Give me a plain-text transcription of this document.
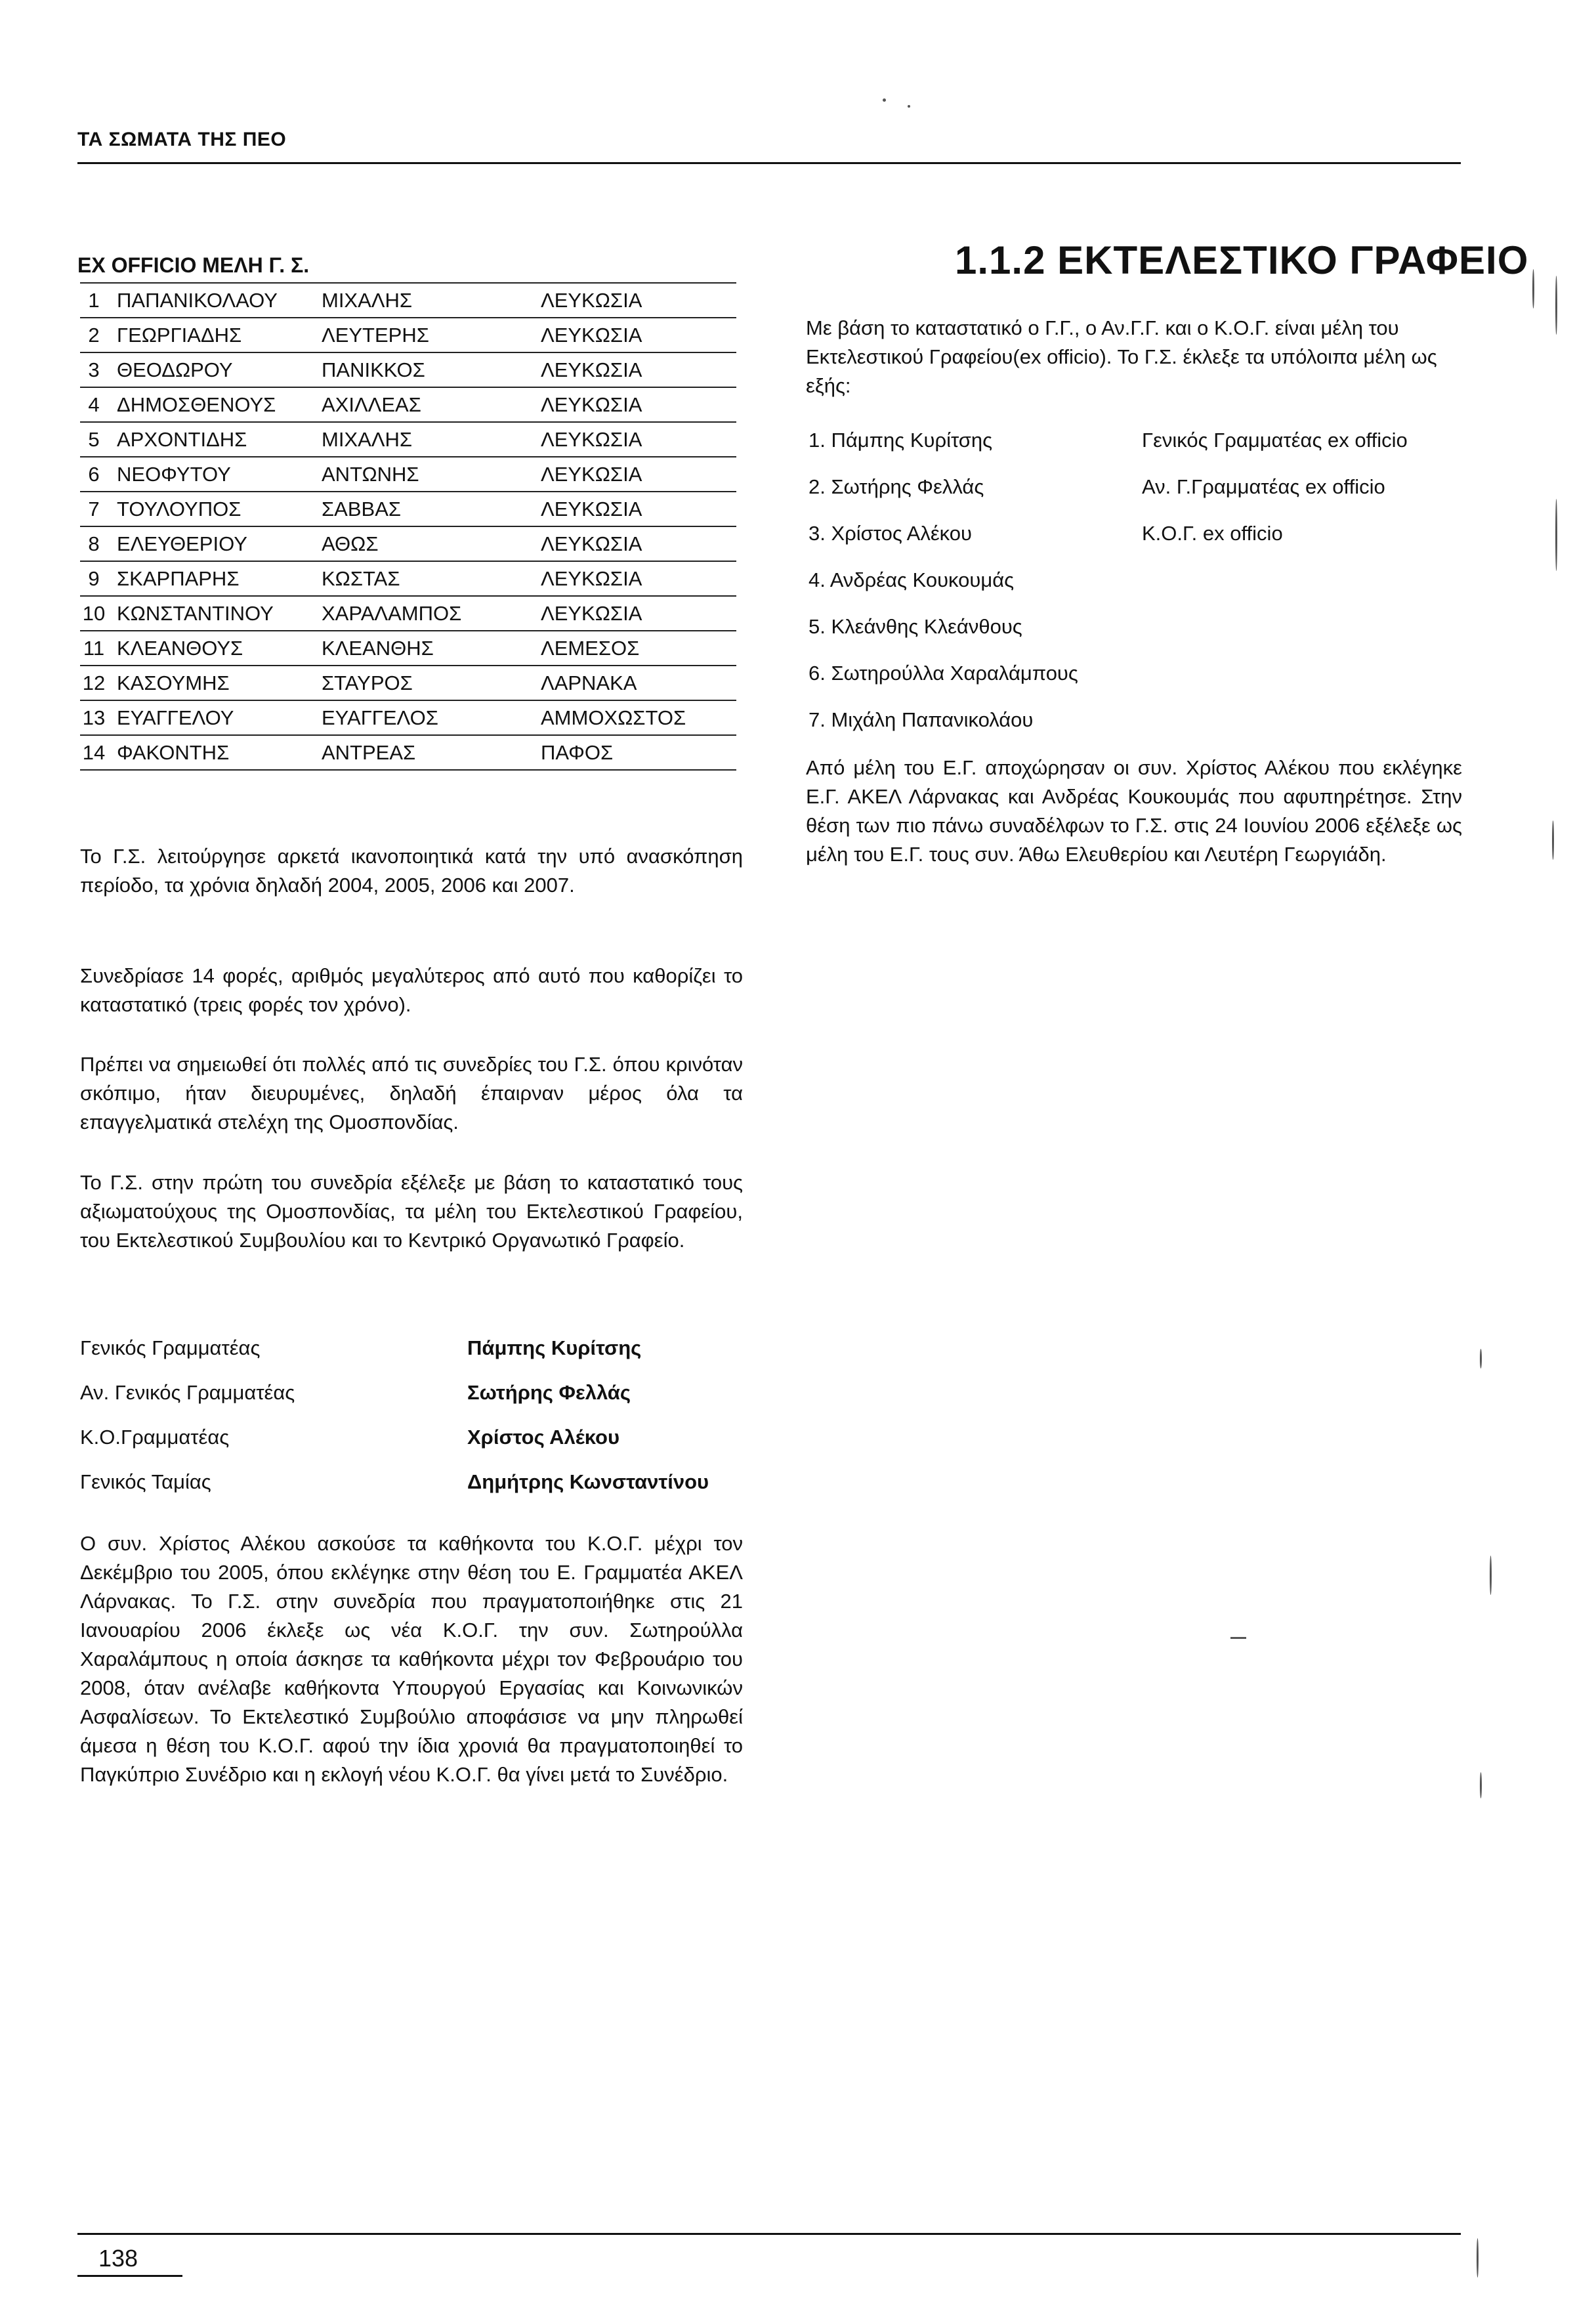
ΤΑ ΣΩΜΑΤΑ ΤΗΣ ΠΕΟ
EX OFFICIO ΜΕΛΗ Γ. Σ.
1	ΠΑΠΑΝΙΚΟΛΑΟΥ	ΜΙΧΑΛΗΣ	ΛΕΥΚΩΣΙΑ
2	ΓΕΩΡΓΙΑΔΗΣ	ΛΕΥΤΕΡΗΣ	ΛΕΥΚΩΣΙΑ
3	ΘΕΟΔΩΡΟΥ	ΠΑΝΙΚΚΟΣ	ΛΕΥΚΩΣΙΑ
4	ΔΗΜΟΣΘΕΝΟΥΣ	ΑΧΙΛΛΕΑΣ	ΛΕΥΚΩΣΙΑ
5	ΑΡΧΟΝΤΙΔΗΣ	ΜΙΧΑΛΗΣ	ΛΕΥΚΩΣΙΑ
6	ΝΕΟΦΥΤΟΥ	ΑΝΤΩΝΗΣ	ΛΕΥΚΩΣΙΑ
7	ΤΟΥΛΟΥΠΟΣ	ΣΑΒΒΑΣ	ΛΕΥΚΩΣΙΑ
8	ΕΛΕΥΘΕΡΙΟΥ	ΑΘΩΣ	ΛΕΥΚΩΣΙΑ
9	ΣΚΑΡΠΑΡΗΣ	ΚΩΣΤΑΣ	ΛΕΥΚΩΣΙΑ
10	ΚΩΝΣΤΑΝΤΙΝΟΥ	ΧΑΡΑΛΑΜΠΟΣ	ΛΕΥΚΩΣΙΑ
11	ΚΛΕΑΝΘΟΥΣ	ΚΛΕΑΝΘΗΣ	ΛΕΜΕΣΟΣ
12	ΚΑΣΟΥΜΗΣ	ΣΤΑΥΡΟΣ	ΛΑΡΝΑΚΑ
13	ΕΥΑΓΓΕΛΟΥ	ΕΥΑΓΓΕΛΟΣ	ΑΜΜΟΧΩΣΤΟΣ
14	ΦΑΚΟΝΤΗΣ	ΑΝΤΡΕΑΣ	ΠΑΦΟΣ

Το Γ.Σ. λειτούργησε αρκετά ικανοποιητικά κατά την υπό ανασκόπηση περίοδο, τα χρόνια δηλαδή 2004, 2005, 2006 και 2007.

Συνεδρίασε 14 φορές, αριθμός μεγαλύτερος από αυτό που καθορίζει το καταστατικό (τρεις φορές τον χρόνο).

Πρέπει να σημειωθεί ότι πολλές από τις συνεδρίες του Γ.Σ. όπου κρινόταν σκόπιμο, ήταν διευρυμένες, δηλαδή έπαιρναν μέρος όλα τα επαγγελματικά στελέχη της Ομοσπονδίας.

Το Γ.Σ. στην πρώτη του συνεδρία εξέλεξε με βάση το καταστατικό τους αξιωματούχους της Ομοσπονδίας, τα μέλη του Εκτελεστικού Γραφείου, του Εκτελεστικού Συμβουλίου και το Κεντρικό Οργανωτικό Γραφείο.

Γενικός Γραμματέας	Πάμπης Κυρίτσης
Αν. Γενικός Γραμματέας	Σωτήρης Φελλάς
Κ.Ο.Γραμματέας	Χρίστος Αλέκου
Γενικός Ταμίας	Δημήτρης Κωνσταντίνου

Ο συν. Χρίστος Αλέκου ασκούσε τα καθήκοντα του Κ.Ο.Γ. μέχρι τον Δεκέμβριο του 2005, όπου εκλέγηκε στην θέση του Ε. Γραμματέα ΑΚΕΛ Λάρνακας. Το Γ.Σ. στην συνεδρία που πραγματοποιήθηκε στις 21 Ιανουαρίου 2006 έκλεξε ως νέα Κ.Ο.Γ. την συν. Σωτηρούλλα Χαραλάμπους η οποία άσκησε τα καθήκοντα μέχρι τον Φεβρουάριο του 2008, όταν ανέλαβε καθήκοντα Υπουργού Εργασίας και Κοινωνικών Ασφαλίσεων. Το Εκτελεστικό Συμβούλιο αποφάσισε να μην πληρωθεί άμεσα η θέση του Κ.Ο.Γ. αφού την ίδια χρονιά θα πραγματοποιηθεί το Παγκύπριο Συνέδριο και η εκλογή νέου Κ.Ο.Γ. θα γίνει μετά το Συνέδριο.

1.1.2 ΕΚΤΕΛΕΣΤΙΚΟ ΓΡΑΦΕΙΟ

Με βάση το καταστατικό ο Γ.Γ., ο Αν.Γ.Γ. και ο Κ.Ο.Γ. είναι μέλη του Εκτελεστικού Γραφείου(ex officio). Το Γ.Σ. έκλεξε τα υπόλοιπα μέλη ως εξής:

1. Πάμπης Κυρίτσης	Γενικός Γραμματέας ex officio
2. Σωτήρης Φελλάς	Αν. Γ.Γραμματέας ex officio
3. Χρίστος Αλέκου	Κ.Ο.Γ. ex officio
4. Ανδρέας Κουκουμάς
5. Κλεάνθης Κλεάνθους
6. Σωτηρούλλα Χαραλάμπους
7. Μιχάλη Παπανικολάου

Από μέλη του Ε.Γ. αποχώρησαν οι συν. Χρίστος Αλέκου που εκλέγηκε Ε.Γ. ΑΚΕΛ Λάρνακας και Ανδρέας Κουκουμάς που αφυπηρέτησε. Στην θέση των πιο πάνω συναδέλφων το Γ.Σ. στις 24 Ιουνίου 2006 εξέλεξε ως μέλη του Ε.Γ. τους συν. Άθω Ελευθερίου και Λευτέρη Γεωργιάδη.

138
